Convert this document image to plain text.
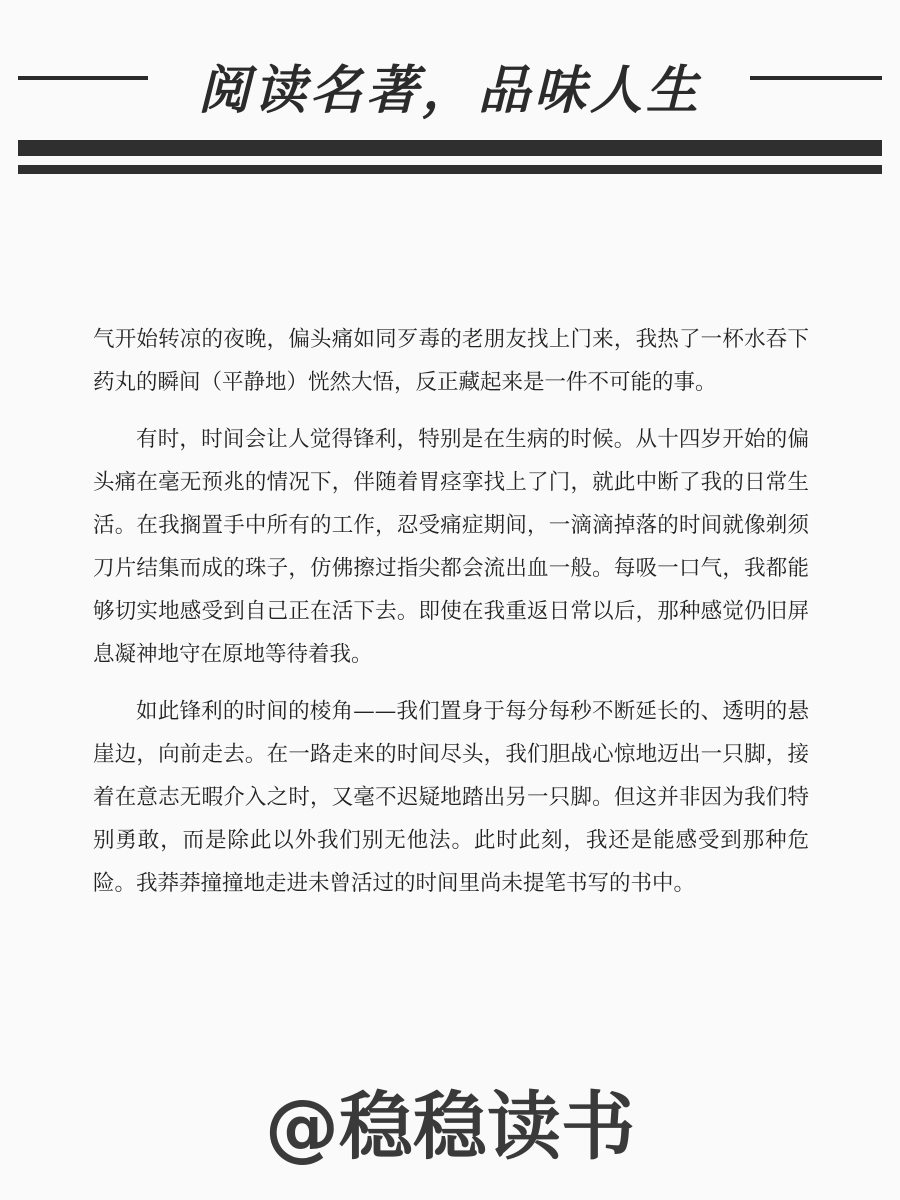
阅读名著，品味人生

气开始转凉的夜晚，偏头痛如同歹毒的老朋友找上门来，我热了一杯水吞下药丸的瞬间（平静地）恍然大悟，反正藏起来是一件不可能的事。

有时，时间会让人觉得锋利，特别是在生病的时候。从十四岁开始的偏头痛在毫无预兆的情况下，伴随着胃痉挛找上了门，就此中断了我的日常生活。在我搁置手中所有的工作，忍受痛症期间，一滴滴掉落的时间就像剃须刀片结集而成的珠子，仿佛擦过指尖都会流出血一般。每吸一口气，我都能够切实地感受到自己正在活下去。即使在我重返日常以后，那种感觉仍旧屏息凝神地守在原地等待着我。

如此锋利的时间的棱角——我们置身于每分每秒不断延长的、透明的悬崖边，向前走去。在一路走来的时间尽头，我们胆战心惊地迈出一只脚，接着在意志无暇介入之时，又毫不迟疑地踏出另一只脚。但这并非因为我们特别勇敢，而是除此以外我们别无他法。此时此刻，我还是能感受到那种危险。我莽莽撞撞地走进未曾活过的时间里尚未提笔书写的书中。

@稳稳读书
